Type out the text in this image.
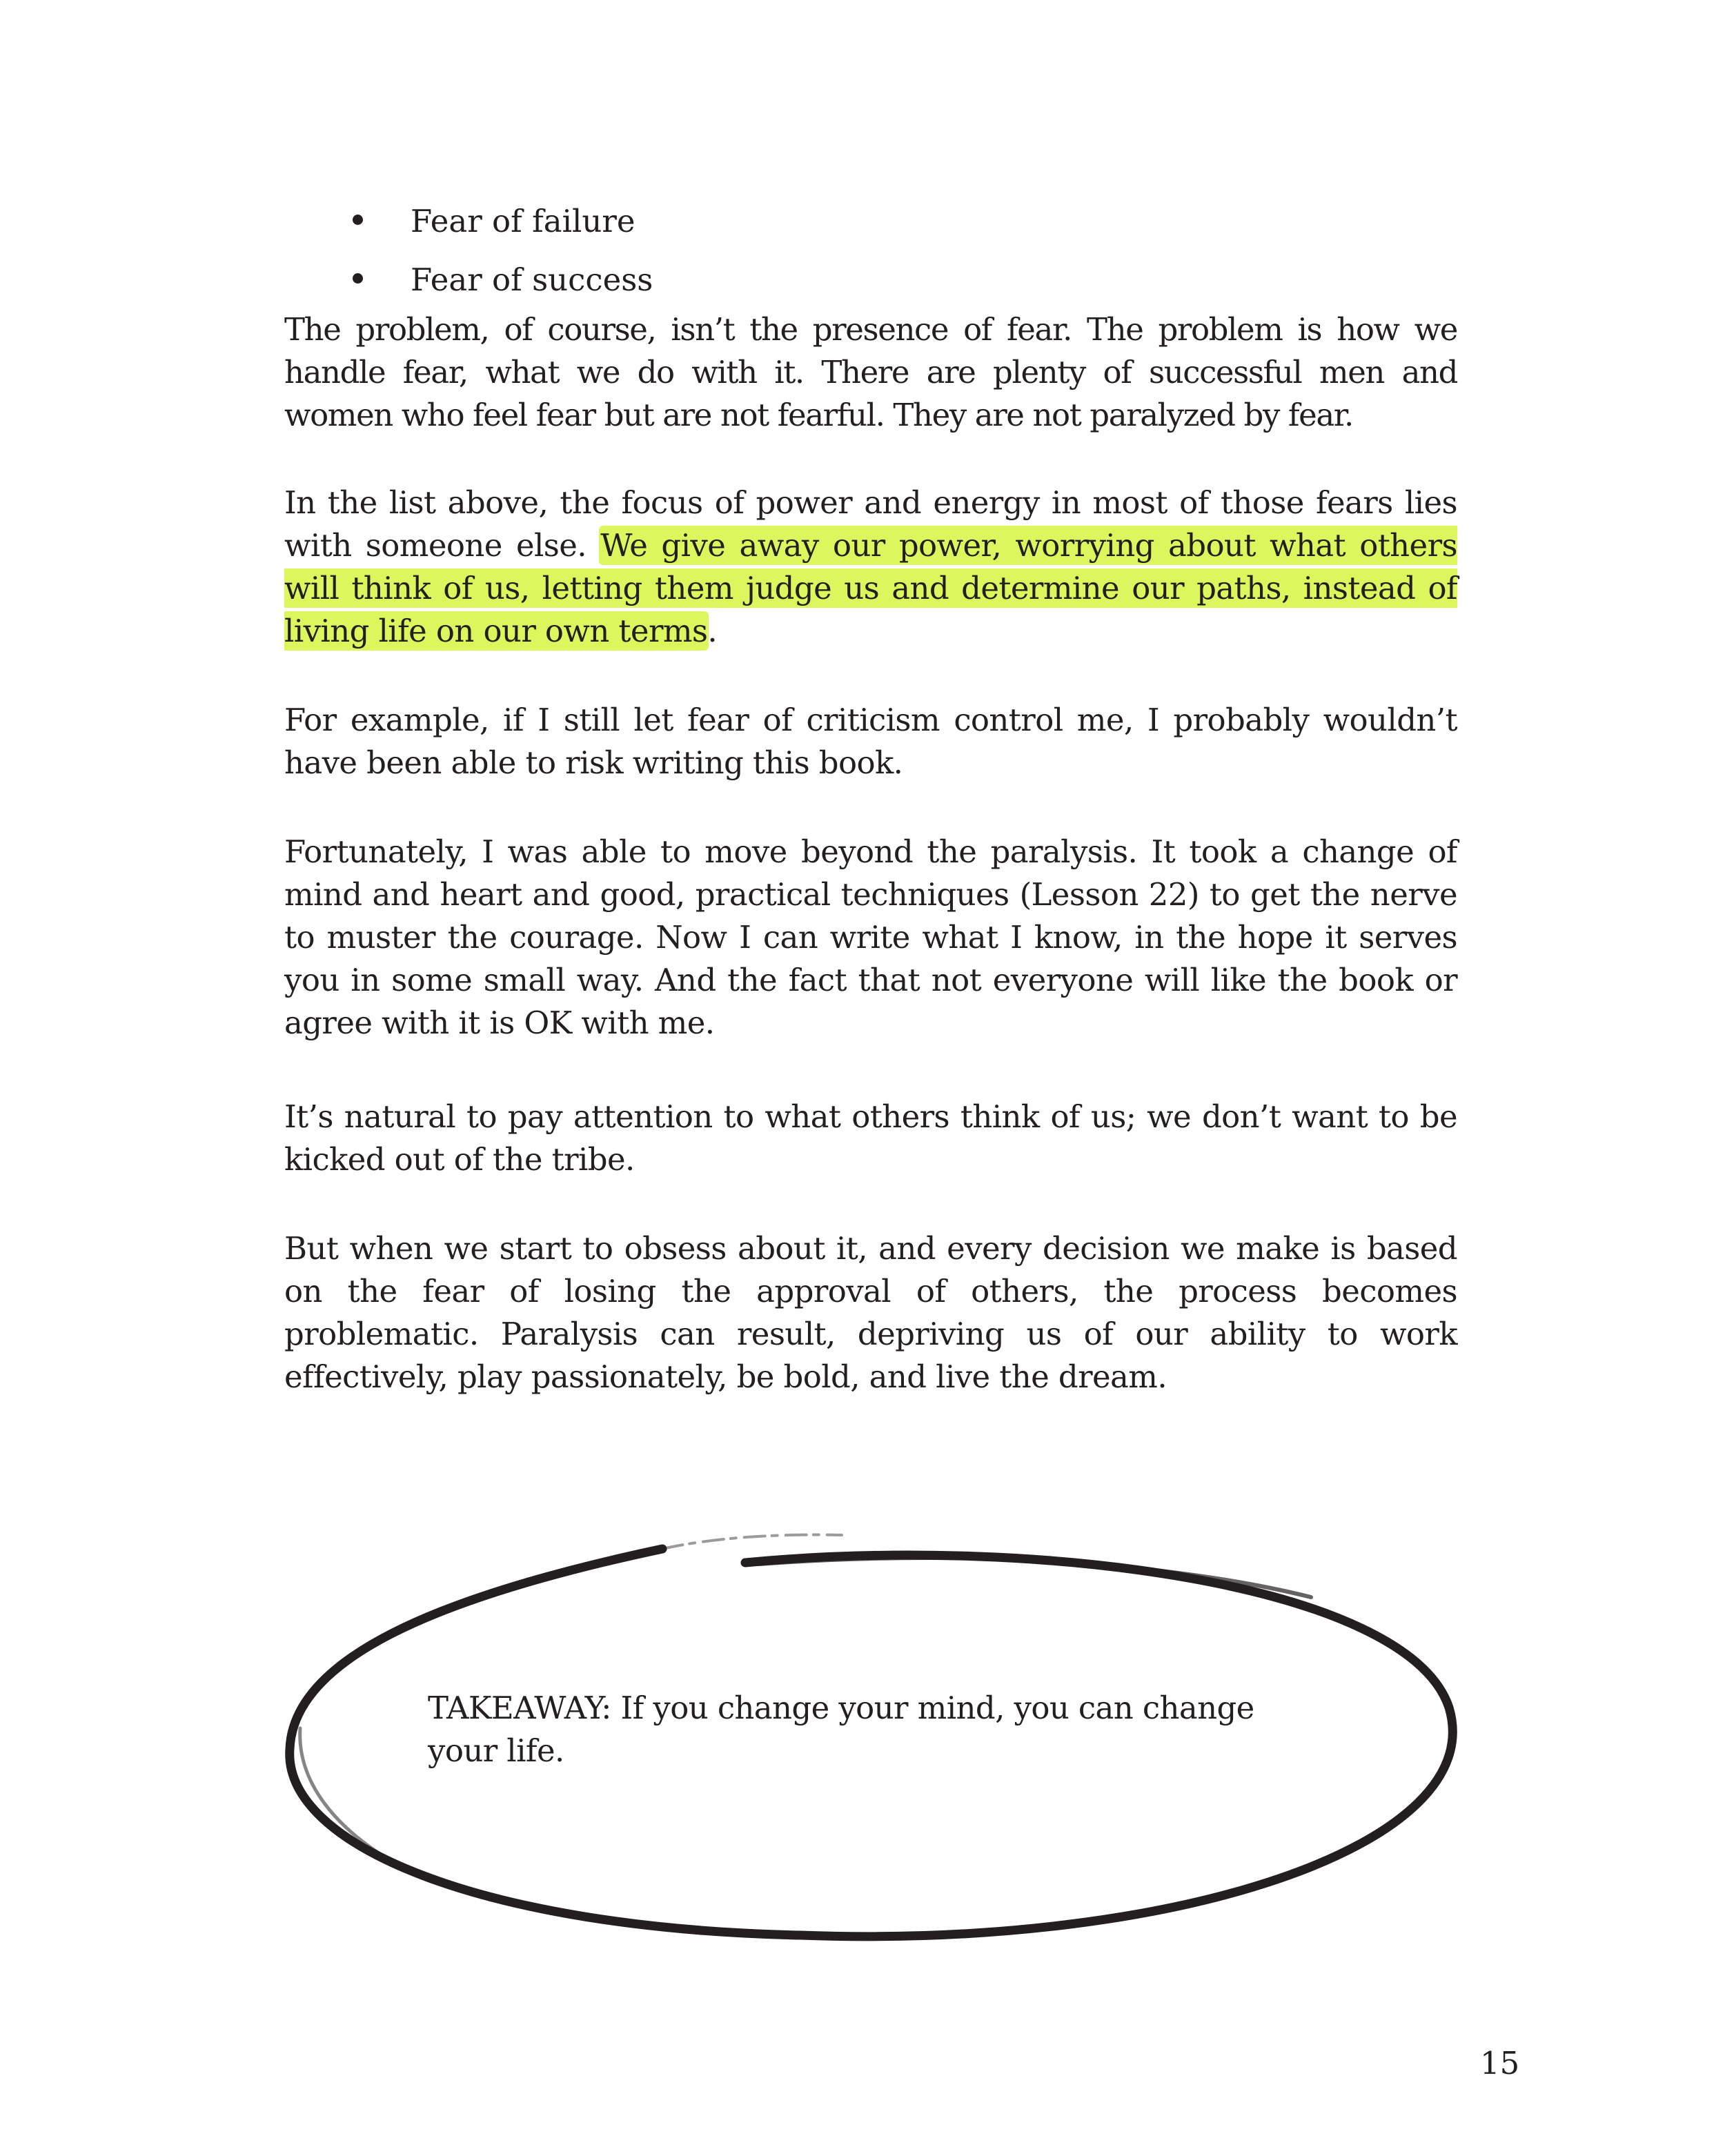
Fear of failure
Fear of success

The problem, of course, isn’t the presence of fear. The problem is how we handle fear, what we do with it. There are plenty of successful men and women who feel fear but are not fearful. They are not paralyzed by fear.

In the list above, the focus of power and energy in most of those fears lies with someone else. We give away our power, worrying about what others will think of us, letting them judge us and determine our paths, instead of living life on our own terms.

For example, if I still let fear of criticism control me, I probably wouldn’t have been able to risk writing this book.

Fortunately, I was able to move beyond the paralysis. It took a change of mind and heart and good, practical techniques (Lesson 22) to get the nerve to muster the courage. Now I can write what I know, in the hope it serves you in some small way. And the fact that not everyone will like the book or agree with it is OK with me.

It’s natural to pay attention to what others think of us; we don’t want to be kicked out of the tribe.

But when we start to obsess about it, and every decision we make is based on the fear of losing the approval of others, the process becomes problematic. Paralysis can result, depriving us of our ability to work effectively, play passionately, be bold, and live the dream.

TAKEAWAY: If you change your mind, you can change your life.

15
